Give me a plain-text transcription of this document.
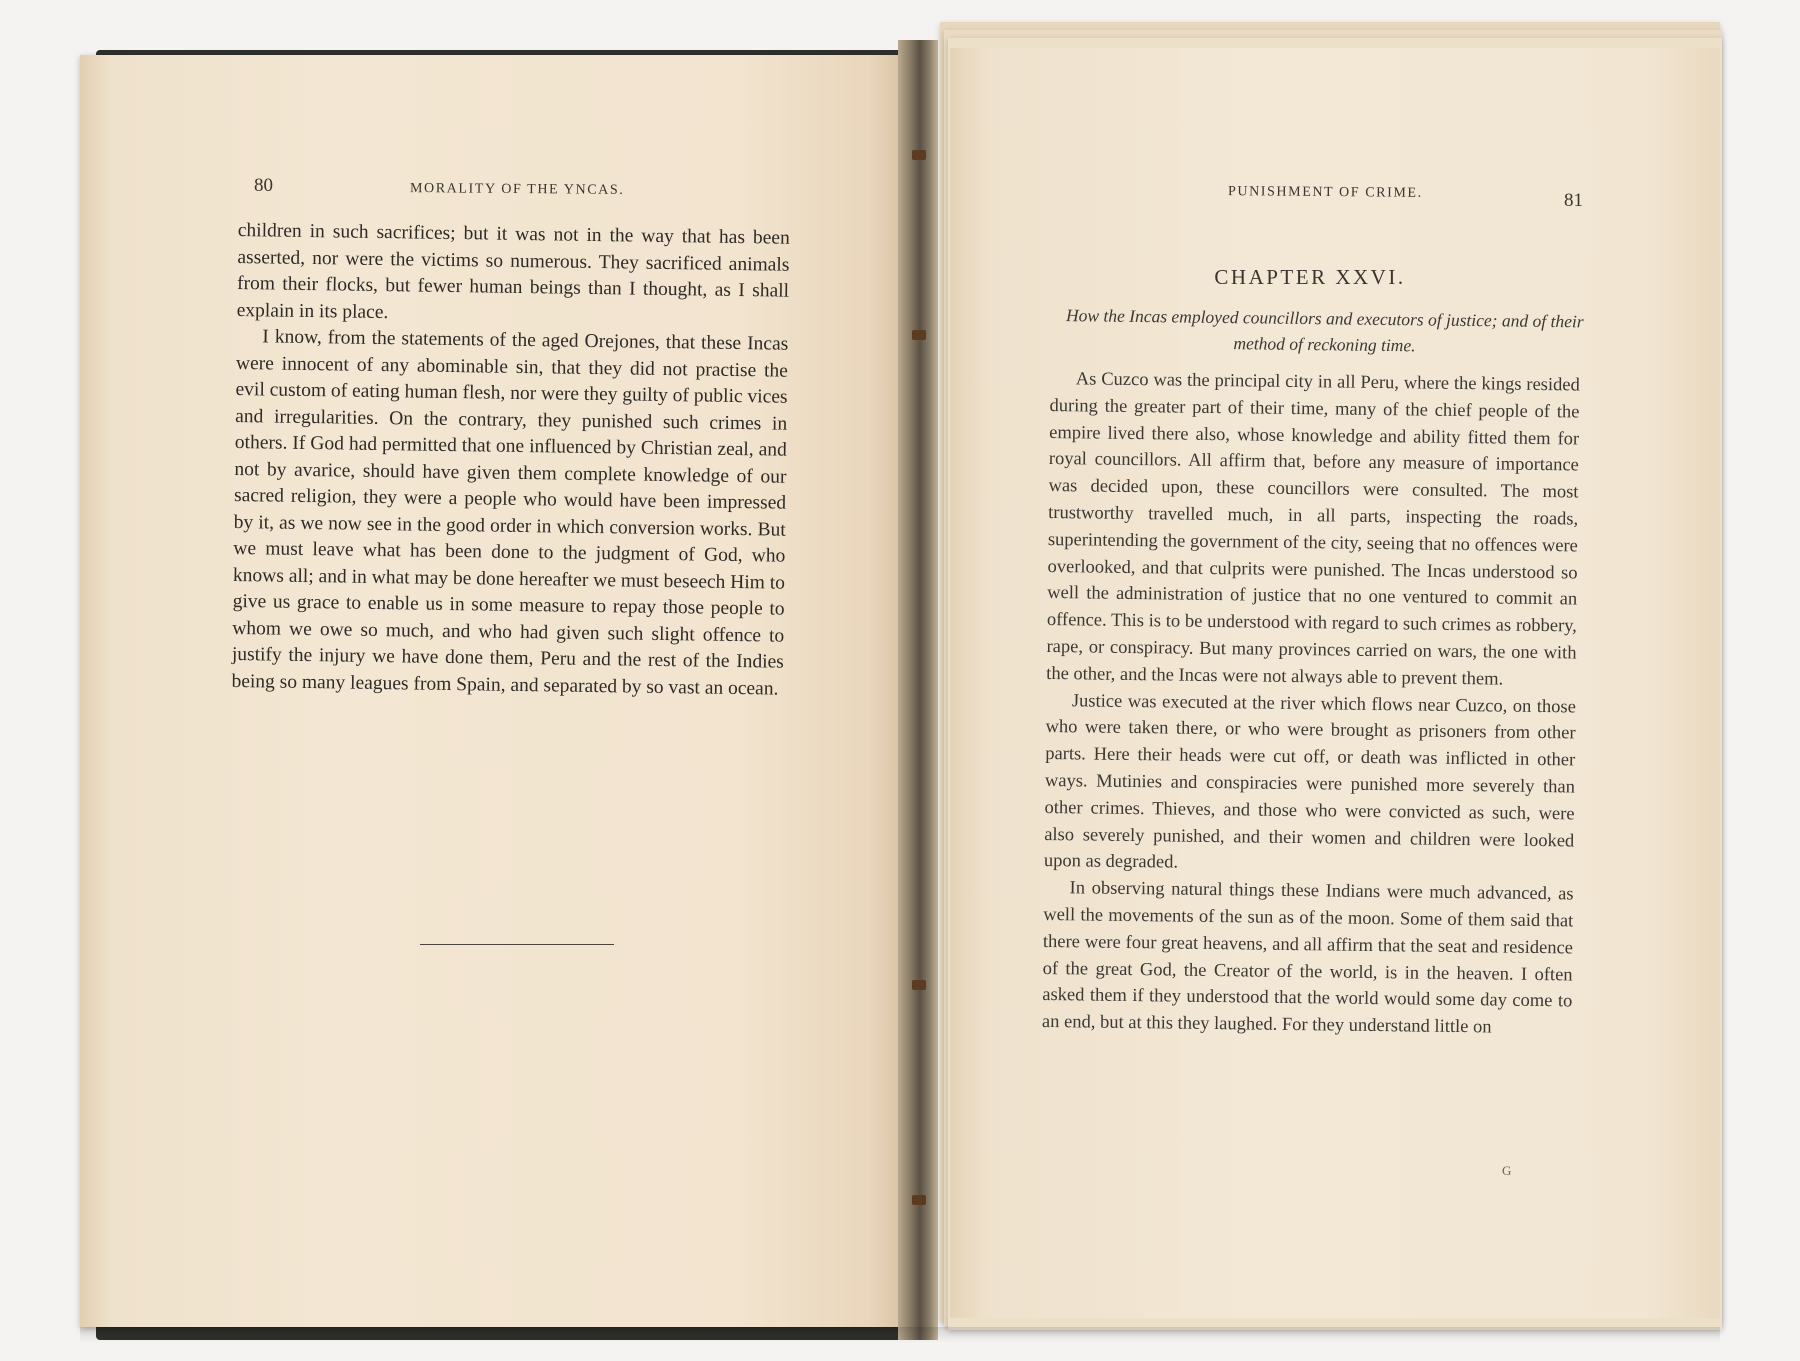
80	MORALITY OF THE YNCAS.

children in such sacrifices; but it was not in the way that has been asserted, nor were the victims so numerous. They sacrificed animals from their flocks, but fewer human beings than I thought, as I shall explain in its place.

I know, from the statements of the aged Orejones, that these Incas were innocent of any abominable sin, that they did not practise the evil custom of eating human flesh, nor were they guilty of public vices and irregularities. On the contrary, they punished such crimes in others. If God had permitted that one influenced by Christian zeal, and not by avarice, should have given them complete knowledge of our sacred religion, they were a people who would have been impressed by it, as we now see in the good order in which conversion works. But we must leave what has been done to the judgment of God, who knows all; and in what may be done hereafter we must beseech Him to give us grace to enable us in some measure to repay those people to whom we owe so much, and who had given such slight offence to justify the injury we have done them, Peru and the rest of the Indies being so many leagues from Spain, and separated by so vast an ocean.

PUNISHMENT OF CRIME.	81
CHAPTER XXVI.
How the Incas employed councillors and executors of justice; and of their method of reckoning time.

As Cuzco was the principal city in all Peru, where the kings resided during the greater part of their time, many of the chief people of the empire lived there also, whose knowledge and ability fitted them for royal councillors. All affirm that, before any measure of importance was decided upon, these councillors were consulted. The most trustworthy travelled much, in all parts, inspecting the roads, superintending the government of the city, seeing that no offences were overlooked, and that culprits were punished. The Incas understood so well the administration of justice that no one ventured to commit an offence. This is to be understood with regard to such crimes as robbery, rape, or conspiracy. But many provinces carried on wars, the one with the other, and the Incas were not always able to prevent them.

Justice was executed at the river which flows near Cuzco, on those who were taken there, or who were brought as prisoners from other parts. Here their heads were cut off, or death was inflicted in other ways. Mutinies and conspiracies were punished more severely than other crimes. Thieves, and those who were convicted as such, were also severely punished, and their women and children were looked upon as degraded.

In observing natural things these Indians were much advanced, as well the movements of the sun as of the moon. Some of them said that there were four great heavens, and all affirm that the seat and residence of the great God, the Creator of the world, is in the heaven. I often asked them if they understood that the world would some day come to an end, but at this they laughed. For they understand little on

G
